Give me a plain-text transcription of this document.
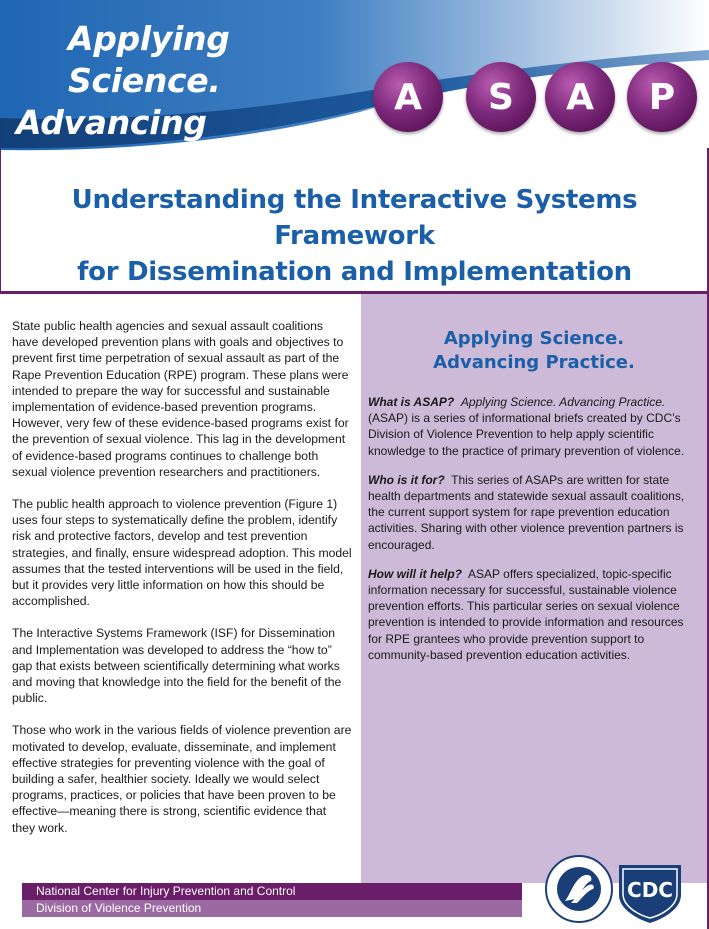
Applying Science.
Advancing Practice.
A	S	A	P
Understanding the Interactive Systems Framework
for Dissemination and Implementation

State public health agencies and sexual assault coalitions have developed prevention plans with goals and objectives to prevent first time perpetration of sexual assault as part of the Rape Prevention Education (RPE) program. These plans were intended to prepare the way for successful and sustainable implementation of evidence-based prevention programs. However, very few of these evidence-based programs exist for the prevention of sexual violence. This lag in the development of evidence-based programs continues to challenge both sexual violence prevention researchers and practitioners.

The public health approach to violence prevention (Figure 1) uses four steps to systematically define the problem, identify risk and protective factors, develop and test prevention strategies, and finally, ensure widespread adoption. This model assumes that the tested interventions will be used in the field, but it provides very little information on how this should be accomplished.

The Interactive Systems Framework (ISF) for Dissemination and Implementation was developed to address the “how to” gap that exists between scientifically determining what works and moving that knowledge into the field for the benefit of the public.

Those who work in the various fields of violence prevention are motivated to develop, evaluate, disseminate, and implement effective strategies for preventing violence with the goal of building a safer, healthier society. Ideally we would select programs, practices, or policies that have been proven to be effective—meaning there is strong, scientific evidence that they work.

Applying Science.
Advancing Practice.

What is ASAP? Applying Science. Advancing Practice. (ASAP) is a series of informational briefs created by CDC’s Division of Violence Prevention to help apply scientific knowledge to the practice of primary prevention of violence.

Who is it for? This series of ASAPs are written for state health departments and statewide sexual assault coalitions, the current support system for rape prevention education activities. Sharing with other violence prevention partners is encouraged.

How will it help? ASAP offers specialized, topic-specific information necessary for successful, sustainable violence prevention efforts. This particular series on sexual violence prevention is intended to provide information and resources for RPE grantees who provide prevention support to community-based prevention education activities.

National Center for Injury Prevention and Control
Division of Violence Prevention
CDC
